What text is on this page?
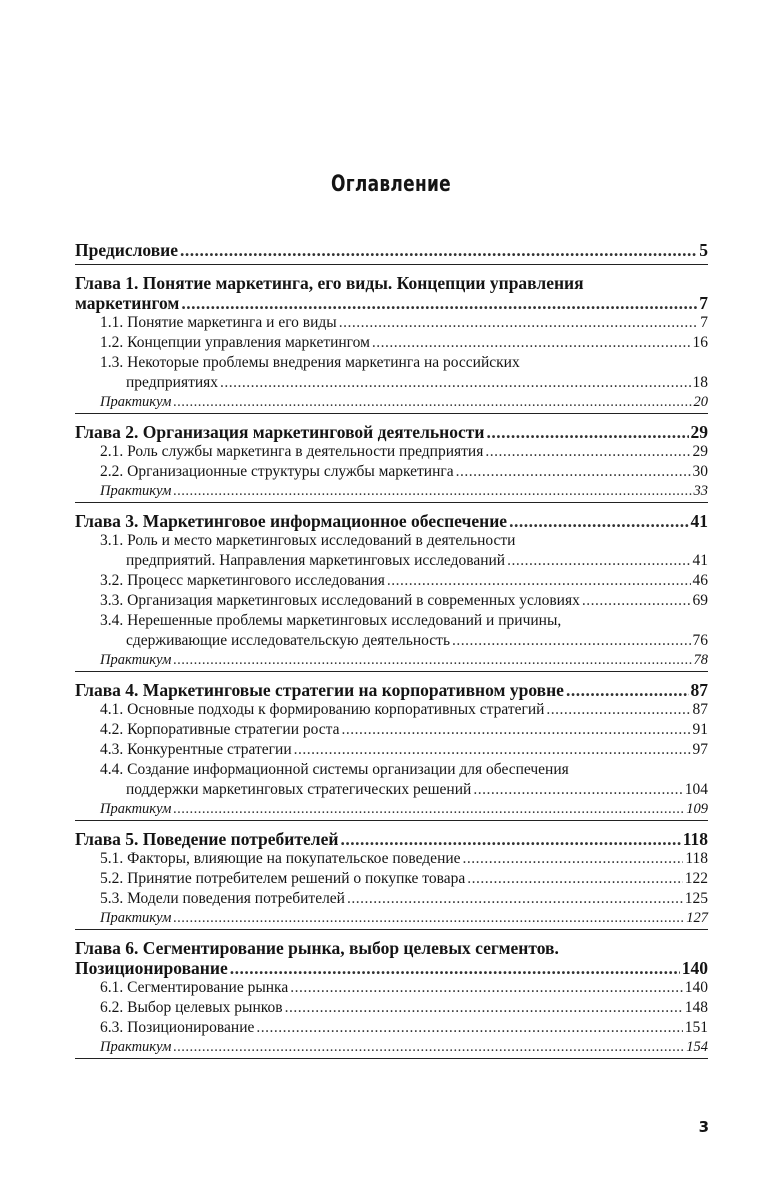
Оглавление
Предисловие .....	5
Глава 1. Понятие маркетинга, его виды. Концепции управления
маркетингом .....	7
1.1. Понятие маркетинга и его виды .....	7
1.2. Концепции управления маркетингом .....	16
1.3. Некоторые проблемы внедрения маркетинга на российских
предприятиях .....	18
Практикум .....	20
Глава 2. Организация маркетинговой деятельности .....	29
2.1. Роль службы маркетинга в деятельности предприятия .....	29
2.2. Организационные структуры службы маркетинга .....	30
Практикум .....	33
Глава 3. Маркетинговое информационное обеспечение .....	41
3.1. Роль и место маркетинговых исследований в деятельности
предприятий. Направления маркетинговых исследований .....	41
3.2. Процесс маркетингового исследования .....	46
3.3. Организация маркетинговых исследований в современных условиях .....	69
3.4. Нерешенные проблемы маркетинговых исследований и причины,
сдерживающие исследовательскую деятельность .....	76
Практикум .....	78
Глава 4. Маркетинговые стратегии на корпоративном уровне .....	87
4.1. Основные подходы к формированию корпоративных стратегий .....	87
4.2. Корпоративные стратегии роста .....	91
4.3. Конкурентные стратегии .....	97
4.4. Создание информационной системы организации для обеспечения
поддержки маркетинговых стратегических решений .....	104
Практикум .....	109
Глава 5. Поведение потребителей .....	118
5.1. Факторы, влияющие на покупательское поведение .....	118
5.2. Принятие потребителем решений о покупке товара .....	122
5.3. Модели поведения потребителей .....	125
Практикум .....	127
Глава 6. Сегментирование рынка, выбор целевых сегментов.
Позиционирование .....	140
6.1. Сегментирование рынка .....	140
6.2. Выбор целевых рынков .....	148
6.3. Позиционирование .....	151
Практикум .....	154
3
